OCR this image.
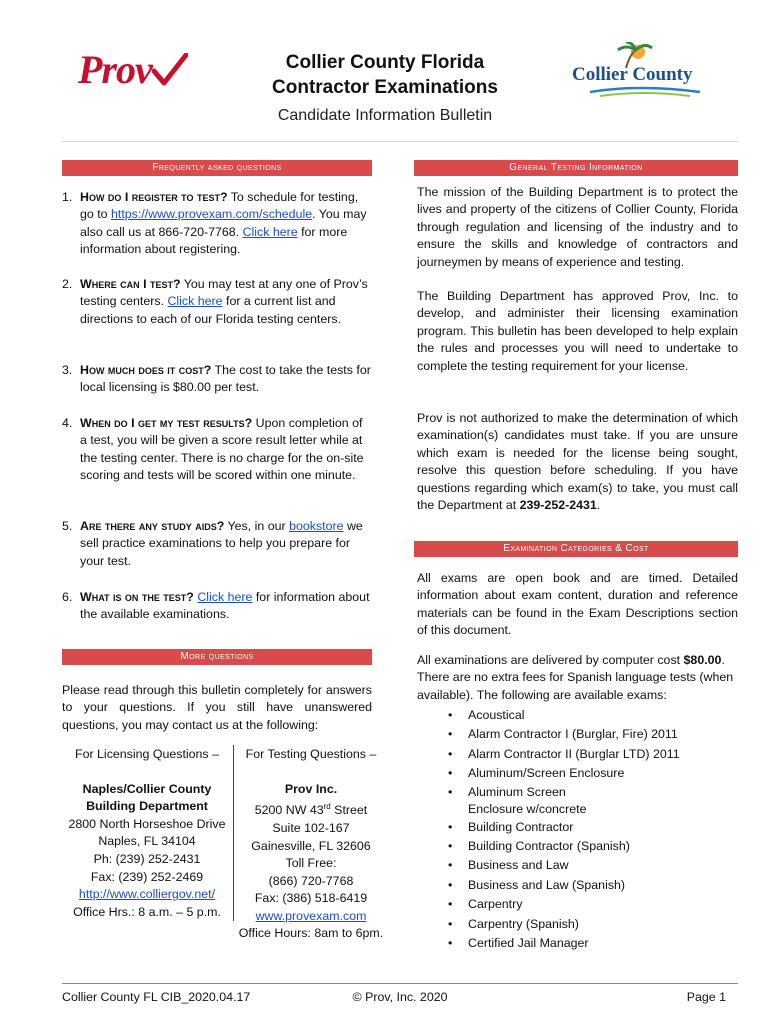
Prov	Collier County Florida
Contractor Examinations
Candidate Information Bulletin
Collier County
Frequently asked questions
1. How do I register to test? To schedule for testing, go to https://www.provexam.com/schedule. You may also call us at 866-720-7768. Click here for more information about registering.
2. Where can I test? You may test at any one of Prov’s testing centers. Click here for a current list and directions to each of our Florida testing centers.
3. How much does it cost? The cost to take the tests for local licensing is $80.00 per test.
4. When do I get my test results? Upon completion of a test, you will be given a score result letter while at the testing center. There is no charge for the on-site scoring and tests will be scored within one minute.
5. Are there any study aids? Yes, in our bookstore we sell practice examinations to help you prepare for your test.
6. What is on the test? Click here for information about the available examinations.
More questions
Please read through this bulletin completely for answers to your questions. If you still have unanswered questions, you may contact us at the following:
For Licensing Questions –
Naples/Collier County
Building Department
2800 North Horseshoe Drive
Naples, FL 34104
Ph: (239) 252-2431
Fax: (239) 252-2469
http://www.colliergov.net/
Office Hrs.: 8 a.m. – 5 p.m.
For Testing Questions –
Prov Inc.
5200 NW 43rd Street
Suite 102-167
Gainesville, FL 32606
Toll Free:
(866) 720-7768
Fax: (386) 518-6419
www.provexam.com
Office Hours: 8am to 6pm.
General Testing Information
The mission of the Building Department is to protect the lives and property of the citizens of Collier County, Florida through regulation and licensing of the industry and to ensure the skills and knowledge of contractors and journeymen by means of experience and testing.
The Building Department has approved Prov, Inc. to develop, and administer their licensing examination program. This bulletin has been developed to help explain the rules and processes you will need to undertake to complete the testing requirement for your license.
Prov is not authorized to make the determination of which examination(s) candidates must take. If you are unsure which exam is needed for the license being sought, resolve this question before scheduling. If you have questions regarding which exam(s) to take, you must call the Department at 239-252-2431.
Examination Categories & Cost
All exams are open book and are timed. Detailed information about exam content, duration and reference materials can be found in the Exam Descriptions section of this document.
All examinations are delivered by computer cost $80.00. There are no extra fees for Spanish language tests (when available). The following are available exams:
• Acoustical
• Alarm Contractor I (Burglar, Fire) 2011
• Alarm Contractor II (Burglar LTD) 2011
• Aluminum/Screen Enclosure
• Aluminum Screen Enclosure w/concrete
• Building Contractor
• Building Contractor (Spanish)
• Business and Law
• Business and Law (Spanish)
• Carpentry
• Carpentry (Spanish)
• Certified Jail Manager
Collier County FL CIB_2020.04.17	© Prov, Inc. 2020	Page 1
